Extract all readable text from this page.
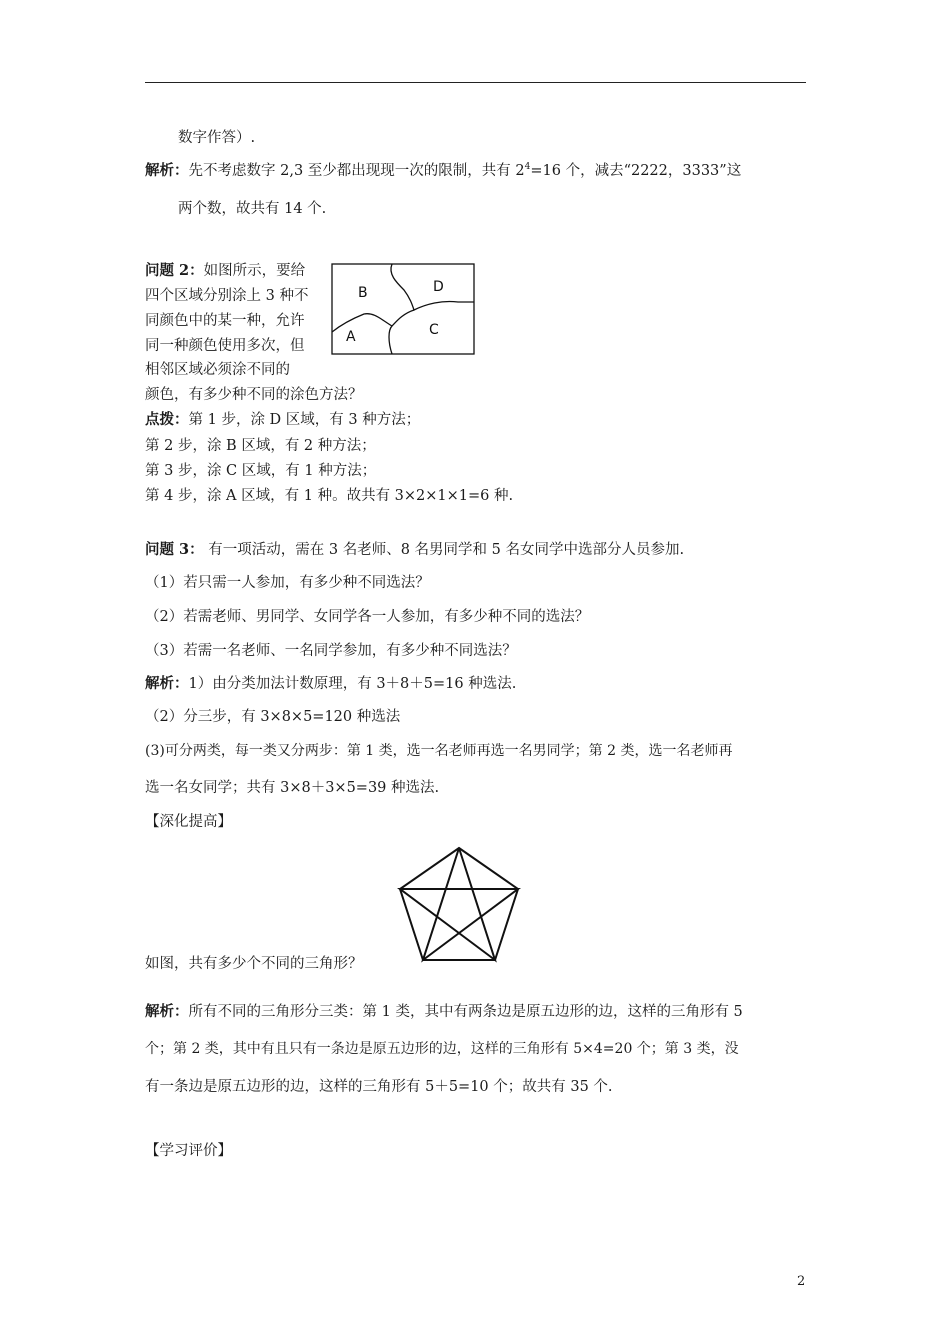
数字作答）.
解析：先不考虑数字 2,3 至少都出现现一次的限制，共有 $2^4=16$ 个，减去“2222，3333”这
两个数，故共有 14 个.
问题 2：如图所示，要给
四个区域分别涂上 3 种不
同颜色中的某一种，允许
同一种颜色使用多次，但
相邻区域必须涂不同的
颜色，有多少种不同的涂色方法？
B	D
A	C
点拨：第 1 步，涂 D 区域，有 3 种方法；
第 2 步，涂 B 区域，有 2 种方法；
第 3 步，涂 C 区域，有 1 种方法；
第 4 步，涂 A 区域，有 1 种。故共有 3×2×1×1=6 种.
问题 3： 有一项活动，需在 3 名老师、8 名男同学和 5 名女同学中选部分人员参加.
（1）若只需一人参加，有多少种不同选法？
（2）若需老师、男同学、女同学各一人参加，有多少种不同的选法？
（3）若需一名老师、一名同学参加，有多少种不同选法？
解析：1）由分类加法计数原理，有 3＋8＋5=16 种选法.
（2）分三步，有 3×8×5=120 种选法
(3)可分两类，每一类又分两步：第 1 类，选一名老师再选一名男同学；第 2 类，选一名老师再
选一名女同学；共有 3×8＋3×5=39 种选法.
【深化提高】
如图，共有多少个不同的三角形？
解析：所有不同的三角形分三类：第 1 类，其中有两条边是原五边形的边，这样的三角形有 5
个；第 2 类，其中有且只有一条边是原五边形的边，这样的三角形有 5×4=20 个；第 3 类，没
有一条边是原五边形的边，这样的三角形有 5＋5=10 个；故共有 35 个.
【学习评价】
2
